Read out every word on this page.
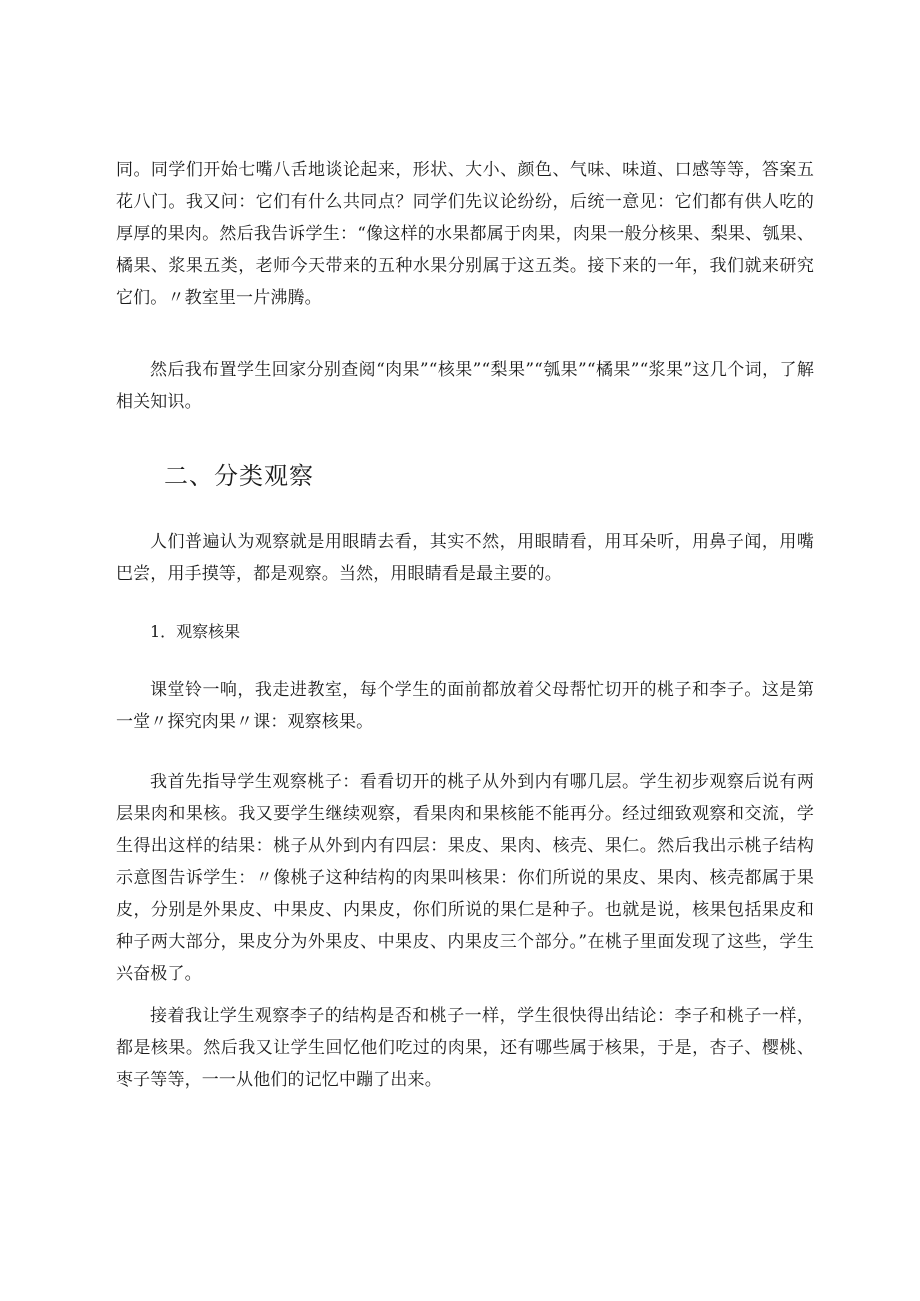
同。同学们开始七嘴八舌地谈论起来，形状、大小、颜色、气味、味道、口感等等，答案五花八门。我又问：它们有什么共同点？同学们先议论纷纷，后统一意见：它们都有供人吃的厚厚的果肉。然后我告诉学生：“像这样的水果都属于肉果，肉果一般分核果、梨果、瓠果、橘果、浆果五类，老师今天带来的五种水果分别属于这五类。接下来的一年，我们就来研究它们。〃教室里一片沸腾。

然后我布置学生回家分别查阅“肉果”“核果”“梨果”“瓠果”“橘果”“浆果”这几个词，了解相关知识。

二、分类观察

人们普遍认为观察就是用眼睛去看，其实不然，用眼睛看，用耳朵听，用鼻子闻，用嘴巴尝，用手摸等，都是观察。当然，用眼睛看是最主要的。

1．观察核果

课堂铃一响，我走进教室，每个学生的面前都放着父母帮忙切开的桃子和李子。这是第一堂〃探究肉果〃课：观察核果。

我首先指导学生观察桃子：看看切开的桃子从外到内有哪几层。学生初步观察后说有两层果肉和果核。我又要学生继续观察，看果肉和果核能不能再分。经过细致观察和交流，学生得出这样的结果：桃子从外到内有四层：果皮、果肉、核壳、果仁。然后我出示桃子结构示意图告诉学生：〃像桃子这种结构的肉果叫核果：你们所说的果皮、果肉、核壳都属于果皮，分别是外果皮、中果皮、内果皮，你们所说的果仁是种子。也就是说，核果包括果皮和种子两大部分，果皮分为外果皮、中果皮、内果皮三个部分。”在桃子里面发现了这些，学生兴奋极了。

接着我让学生观察李子的结构是否和桃子一样，学生很快得出结论：李子和桃子一样，都是核果。然后我又让学生回忆他们吃过的肉果，还有哪些属于核果，于是，杏子、樱桃、枣子等等，一一从他们的记忆中蹦了出来。
